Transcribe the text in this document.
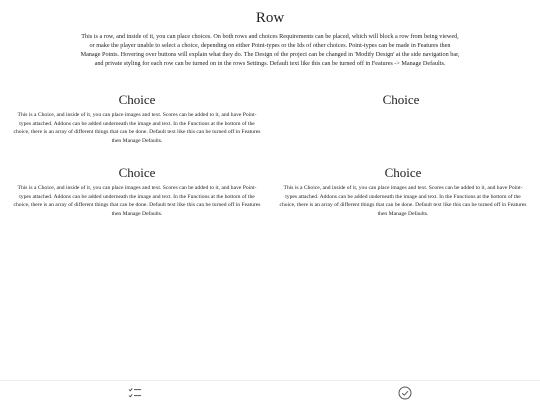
Row

This is a row, and inside of it, you can place choices. On both rows and choices Requirements can be placed, which will block a row from being viewed, or make the player unable to select a choice, depending on either Point-types or the Ids of other choices. Point-types can be made in Features then Manage Points. Hovering over buttons will explain what they do. The Design of the project can be changed in 'Modify Design' at the side navigation bar, and private styling for each row can be turned on in the rows Settings. Default text like this can be turned off in Features -> Manage Defaults.

Choice

This is a Choice, and inside of it, you can place images and text. Scores can be added to it, and have Point-types attached. Addons can be added underneath the image and text. In the Functions at the bottom of the choice, there is an array of different things that can be done. Default text like this can be turned off in Features then Manage Defaults.

Choice

Choice

This is a Choice, and inside of it, you can place images and text. Scores can be added to it, and have Point-types attached. Addons can be added underneath the image and text. In the Functions at the bottom of the choice, there is an array of different things that can be done. Default text like this can be turned off in Features then Manage Defaults.

Choice

This is a Choice, and inside of it, you can place images and text. Scores can be added to it, and have Point-types attached. Addons can be added underneath the image and text. In the Functions at the bottom of the choice, there is an array of different things that can be done. Default text like this can be turned off in Features then Manage Defaults.
